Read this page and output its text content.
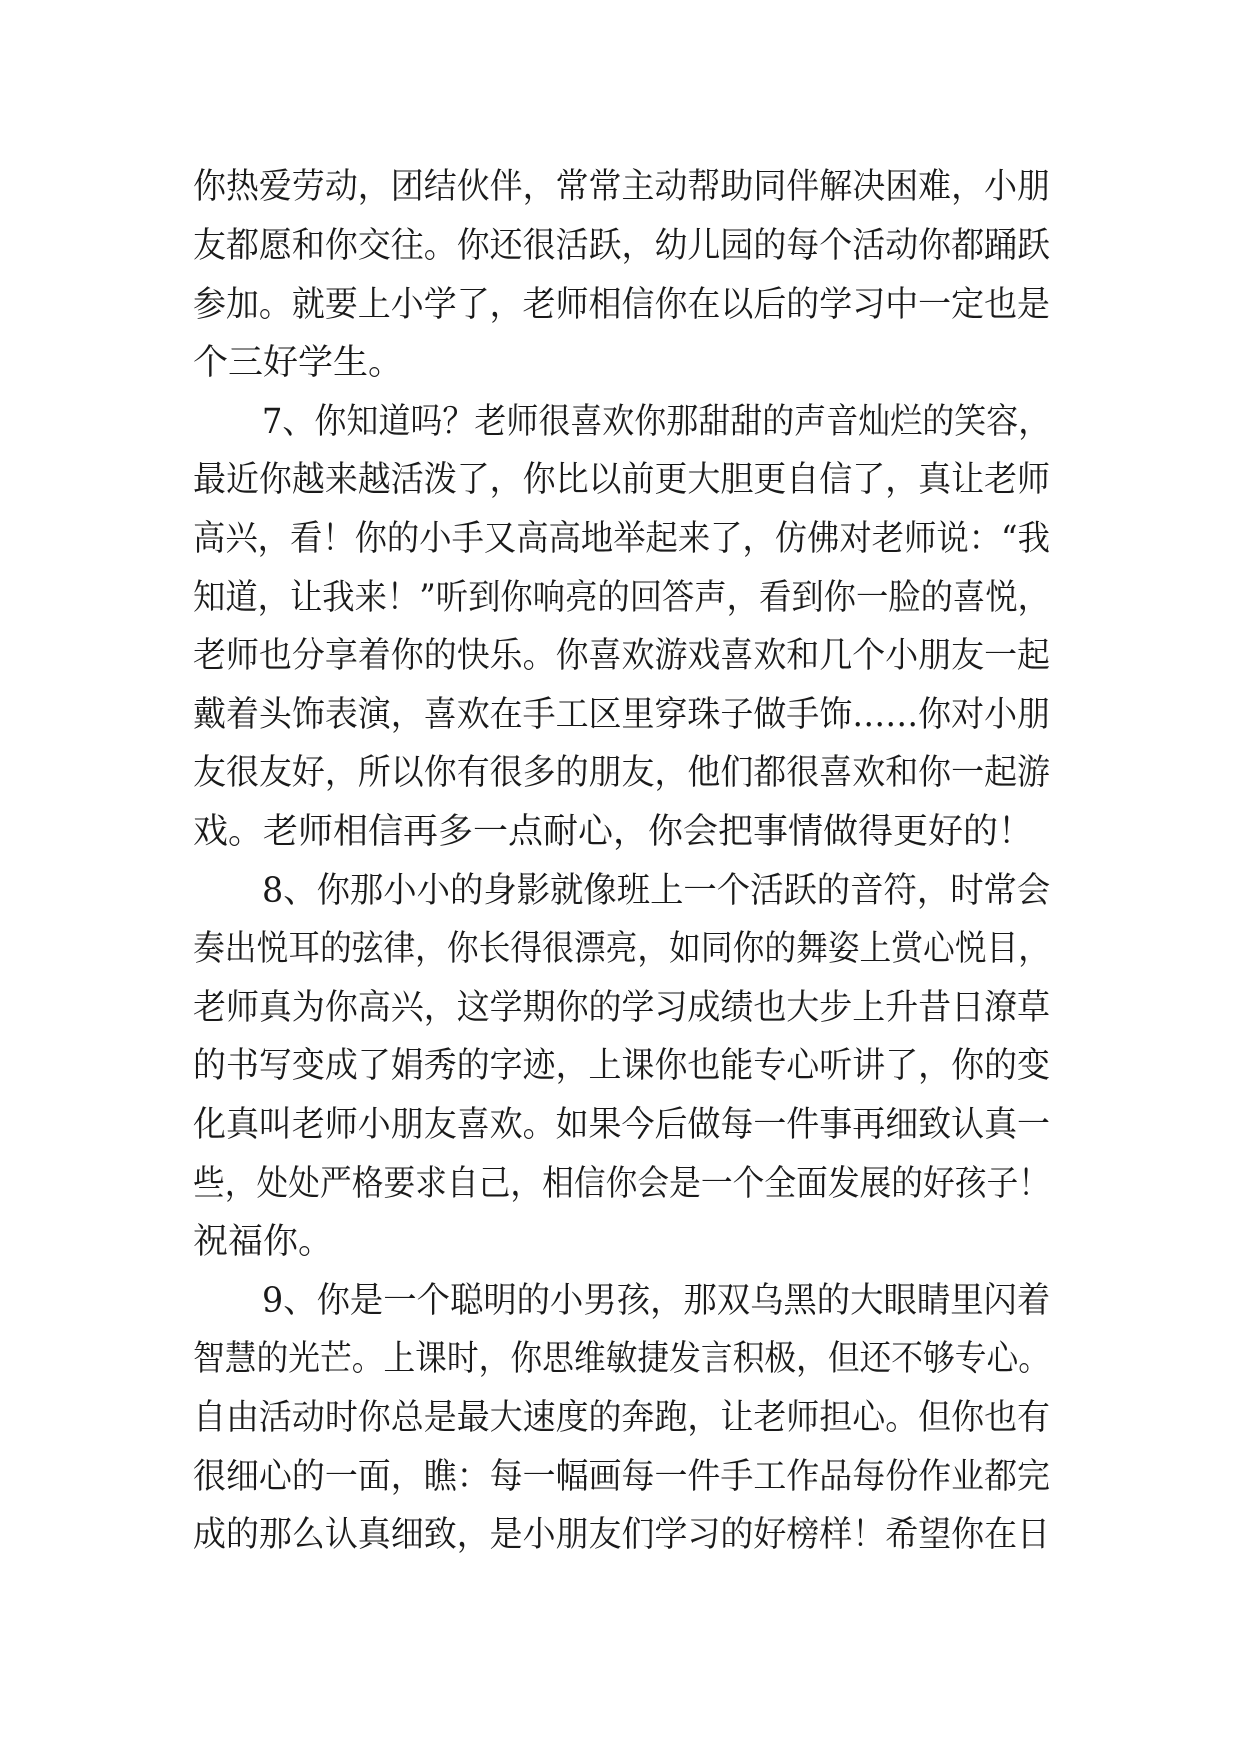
你热爱劳动，团结伙伴，常常主动帮助同伴解决困难，小朋
友都愿和你交往。你还很活跃，幼儿园的每个活动你都踊跃
参加。就要上小学了，老师相信你在以后的学习中一定也是
个三好学生。
7、你知道吗？老师很喜欢你那甜甜的声音灿烂的笑容，
最近你越来越活泼了，你比以前更大胆更自信了，真让老师
高兴，看！你的小手又高高地举起来了，仿佛对老师说：“我
知道，让我来！”听到你响亮的回答声，看到你一脸的喜悦，
老师也分享着你的快乐。你喜欢游戏喜欢和几个小朋友一起
戴着头饰表演，喜欢在手工区里穿珠子做手饰……你对小朋
友很友好，所以你有很多的朋友，他们都很喜欢和你一起游
戏。老师相信再多一点耐心，你会把事情做得更好的！
8、你那小小的身影就像班上一个活跃的音符，时常会
奏出悦耳的弦律，你长得很漂亮，如同你的舞姿上赏心悦目，
老师真为你高兴，这学期你的学习成绩也大步上升昔日潦草
的书写变成了娟秀的字迹，上课你也能专心听讲了，你的变
化真叫老师小朋友喜欢。如果今后做每一件事再细致认真一
些，处处严格要求自己，相信你会是一个全面发展的好孩子！
祝福你。
9、你是一个聪明的小男孩，那双乌黑的大眼睛里闪着
智慧的光芒。上课时，你思维敏捷发言积极，但还不够专心。
自由活动时你总是最大速度的奔跑，让老师担心。但你也有
很细心的一面，瞧：每一幅画每一件手工作品每份作业都完
成的那么认真细致，是小朋友们学习的好榜样！希望你在日
